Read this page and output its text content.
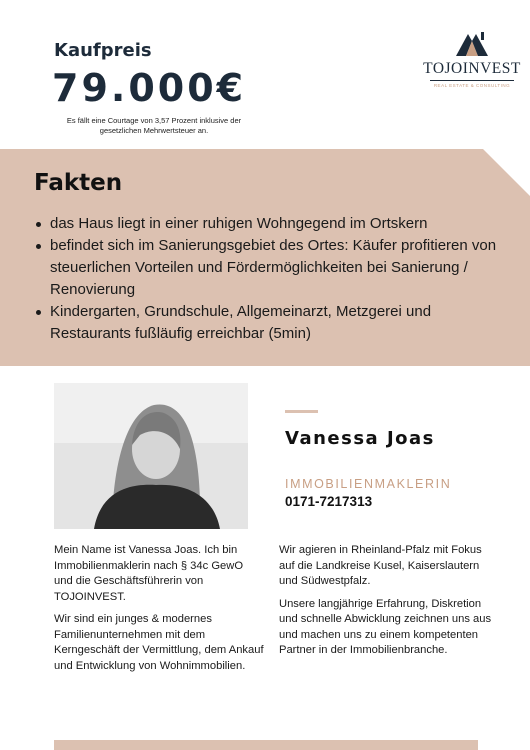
Kaufpreis
79.000€
Es fällt eine Courtage von 3,57 Prozent inklusive der gesetzlichen Mehrwertsteuer an.
TOJOINVEST
REAL ESTATE & CONSULTING
Fakten
das Haus liegt in einer ruhigen Wohngegend im Ortskern
befindet sich im Sanierungsgebiet des Ortes: Käufer profitieren von steuerlichen Vorteilen und Fördermöglichkeiten bei Sanierung / Renovierung
Kindergarten, Grundschule, Allgemeinarzt, Metzgerei und Restaurants fußläufig erreichbar (5min)
Vanessa Joas
IMMOBILIENMAKLERIN
0171-7217313

Mein Name ist Vanessa Joas. Ich bin Immobilienmaklerin nach § 34c GewO und die Geschäftsführerin von TOJOINVEST.

Wir sind ein junges & modernes Familienunternehmen mit dem Kerngeschäft der Vermittlung, dem Ankauf und Entwicklung von Wohnimmobilien.

Wir agieren in Rheinland-Pfalz mit Fokus auf die Landkreise Kusel, Kaiserslautern und Südwestpfalz.

Unsere langjährige Erfahrung, Diskretion und schnelle Abwicklung zeichnen uns aus und machen uns zu einem kompetenten Partner in der Immobilienbranche.
